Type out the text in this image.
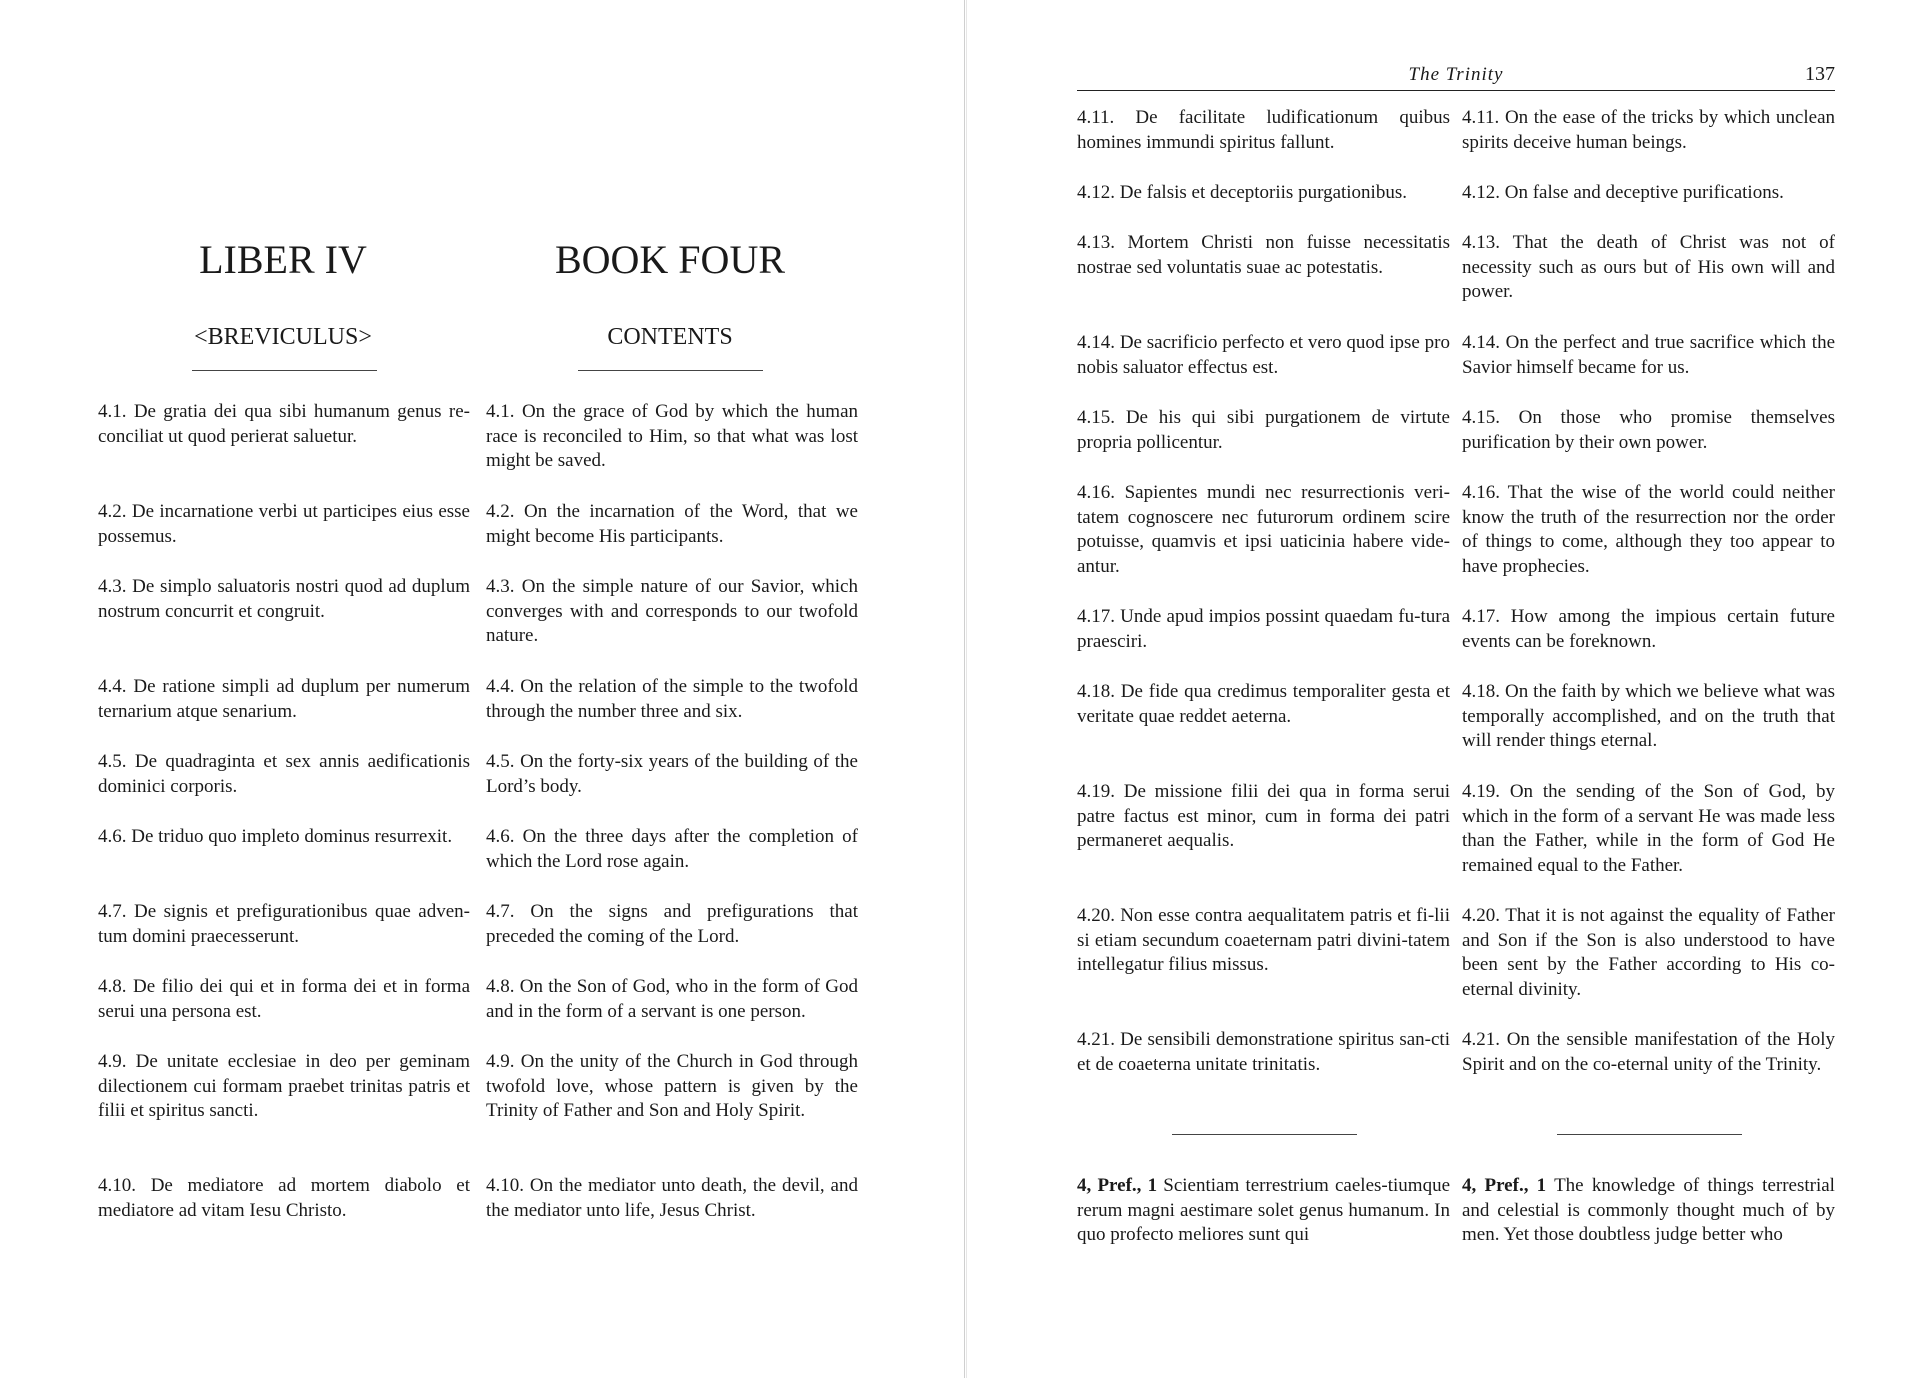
LIBER IV	BOOK FOUR
<BREVICULUS>	CONTENTS
4.1. De gratia dei qua sibi humanum genus re-conciliat ut quod perierat saluetur.
4.1. On the grace of God by which the human race is reconciled to Him, so that what was lost might be saved.
4.2. De incarnatione verbi ut participes eius esse possemus.
4.2. On the incarnation of the Word, that we might become His participants.
4.3. De simplo saluatoris nostri quod ad duplum nostrum concurrit et congruit.
4.3. On the simple nature of our Savior, which converges with and corresponds to our twofold nature.
4.4. De ratione simpli ad duplum per numerum ternarium atque senarium.
4.4. On the relation of the simple to the twofold through the number three and six.
4.5. De quadraginta et sex annis aedificationis dominici corporis.
4.5. On the forty-six years of the building of the Lord’s body.
4.6. De triduo quo impleto dominus resurrexit.	4.6. On the three days after the completion of which the Lord rose again.
4.7. De signis et prefigurationibus quae adven-tum domini praecesserunt.
4.7. On the signs and prefigurations that preceded the coming of the Lord.
4.8. De filio dei qui et in forma dei et in forma serui una persona est.
4.8. On the Son of God, who in the form of God and in the form of a servant is one person.
4.9. De unitate ecclesiae in deo per geminam dilectionem cui formam praebet trinitas patris et filii et spiritus sancti.
4.9. On the unity of the Church in God through twofold love, whose pattern is given by the Trinity of Father and Son and Holy Spirit.
4.10. De mediatore ad mortem diabolo et mediatore ad vitam Iesu Christo.
4.10. On the mediator unto death, the devil, and the mediator unto life, Jesus Christ.
The Trinity	137
4.11. De facilitate ludificationum quibus homines immundi spiritus fallunt.
4.11. On the ease of the tricks by which unclean spirits deceive human beings.
4.12. De falsis et deceptoriis purgationibus.	4.12. On false and deceptive purifications.
4.13. Mortem Christi non fuisse necessitatis nostrae sed voluntatis suae ac potestatis.
4.13. That the death of Christ was not of necessity such as ours but of His own will and power.
4.14. De sacrificio perfecto et vero quod ipse pro nobis saluator effectus est.
4.14. On the perfect and true sacrifice which the Savior himself became for us.
4.15. De his qui sibi purgationem de virtute propria pollicentur.
4.15. On those who promise themselves purification by their own power.
4.16. Sapientes mundi nec resurrectionis veri-tatem cognoscere nec futurorum ordinem scire potuisse, quamvis et ipsi uaticinia habere vide-antur.
4.16. That the wise of the world could neither know the truth of the resurrection nor the order of things to come, although they too appear to have prophecies.
4.17. Unde apud impios possint quaedam fu-tura praesciri.
4.17. How among the impious certain future events can be foreknown.
4.18. De fide qua credimus temporaliter gesta et veritate quae reddet aeterna.
4.18. On the faith by which we believe what was temporally accomplished, and on the truth that will render things eternal.
4.19. De missione filii dei qua in forma serui patre factus est minor, cum in forma dei patri permaneret aequalis.
4.19. On the sending of the Son of God, by which in the form of a servant He was made less than the Father, while in the form of God He remained equal to the Father.
4.20. Non esse contra aequalitatem patris et fi-lii si etiam secundum coaeternam patri divini-tatem intellegatur filius missus.
4.20. That it is not against the equality of Father and Son if the Son is also understood to have been sent by the Father according to His co-eternal divinity.
4.21. De sensibili demonstratione spiritus san-cti et de coaeterna unitate trinitatis.
4.21. On the sensible manifestation of the Holy Spirit and on the co-eternal unity of the Trinity.
4, Pref., 1 Scientiam terrestrium caeles-tiumque rerum magni aestimare solet genus humanum. In quo profecto meliores sunt qui
4, Pref., 1 The knowledge of things terrestrial and celestial is commonly thought much of by men. Yet those doubtless judge better who
